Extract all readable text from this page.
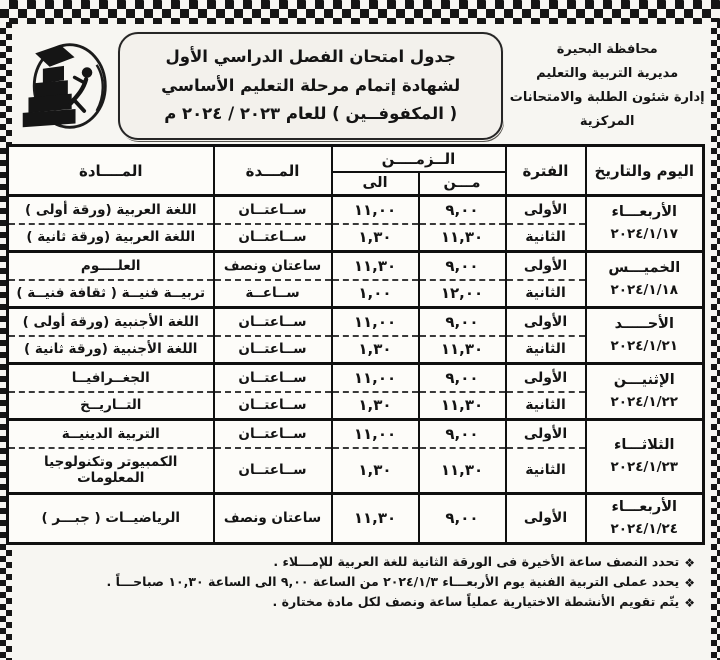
محافظة البحيرة
مديرية التربية والتعليم
إدارة شئون الطلبة والامتحانات
المركزية
جدول امتحان الفصل الدراسي الأول
لشهادة إتمام مرحلة التعليم الأساسي
( المكفوفــين ) للعام ٢٠٢٣ / ٢٠٢٤ م
اليوم والتاريخ	الفترة	الــزمــــن		المـــدة	المــــادة
		مـــن	الى		

الأربعـــاء
٢٠٢٤/١/١٧	الأولى	٩,٠٠	١١,٠٠	ســاعتــان	اللغة العربية (ورقة أولى )
	الثانية	١١,٣٠	١,٣٠	ســاعتــان	اللغة العربية (ورقة ثانية )

الخميـــس
٢٠٢٤/١/١٨	الأولى	٩,٠٠	١١,٣٠	ساعتان ونصف	العلــــوم
	الثانية	١٢,٠٠	١,٠٠	ســاعــة	تربيــة فنيــة ( ثقافة فنيــة )

الأحـــــد
٢٠٢٤/١/٢١	الأولى	٩,٠٠	١١,٠٠	ســاعتــان	اللغة الأجنبية (ورقة أولى )
	الثانية	١١,٣٠	١,٣٠	ســاعتــان	اللغة الأجنبية (ورقة ثانية )

الإثنيـــن
٢٠٢٤/١/٢٢	الأولى	٩,٠٠	١١,٠٠	ســاعتــان	الجغــرافيــا
	الثانية	١١,٣٠	١,٣٠	ســاعتــان	التــاريــخ

الثلاثـــاء
٢٠٢٤/١/٢٣	الأولى	٩,٠٠	١١,٠٠	ســاعتــان	التربية الدينيــة
	الثانية	١١,٣٠	١,٣٠	ســاعتــان	الكمبيوتر وتكنولوجيا المعلومات

الأربعـــاء
٢٠٢٤/١/٢٤	الأولى	٩,٠٠	١١,٣٠	ساعتان ونصف	الرياضيــات ( جبـــر )
❖تحدد النصف ساعة الأخيرة فى الورقة الثانية للغة العربية للإمـــلاء .
❖يحدد عملى التربية الفنية يوم الأربعـــاء ٢٠٢٤/١/٣ من الساعة ٩,٠٠ الى الساعة ١٠,٣٠ صباحـــاً .
❖يتّم تقويم الأنشطة الاختيارية عملياً ساعة ونصف لكل مادة مختارة .
